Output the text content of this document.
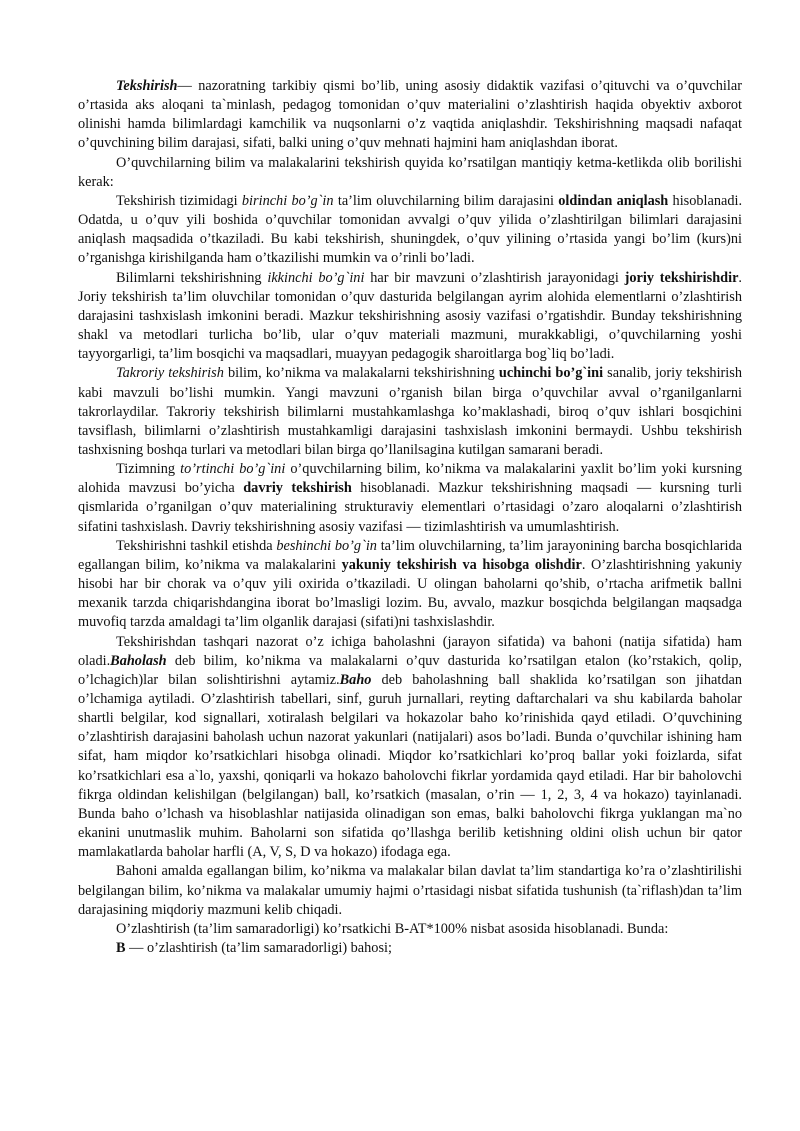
Tekshirish— nazoratning tarkibiy qismi bo’lib, uning asosiy didaktik vazifasi o’qituvchi va o’quvchilar o’rtasida aks aloqani ta`minlash, pedagog tomonidan o’quv materialini o’zlashtirish haqida obyektiv axborot olinishi hamda bilimlardagi kamchilik va nuqsonlarni o’z vaqtida aniqlashdir. Tekshirishning maqsadi nafaqat o’quvchining bilim darajasi, sifati, balki uning o’quv mehnati hajmini ham aniqlashdan iborat.

O’quvchilarning bilim va malakalarini tekshirish quyida ko’rsatilgan mantiqiy ketma-ketlikda olib borilishi kerak:

Tekshirish tizimidagi birinchi bo’g`in ta’lim oluvchilarning bilim darajasini oldindan aniqlash hisoblanadi. Odatda, u o’quv yili boshida o’quvchilar tomonidan avvalgi o’quv yilida o’zlashtirilgan bilimlari darajasini aniqlash maqsadida o’tkaziladi. Bu kabi tekshirish, shuningdek, o’quv yilining o’rtasida yangi bo’lim (kurs)ni o’rganishga kirishilganda ham o’tkazilishi mumkin va o’rinli bo’ladi.

Bilimlarni tekshirishning ikkinchi bo’g`ini har bir mavzuni o’zlashtirish jarayonidagi joriy tekshirishdir. Joriy tekshirish ta’lim oluvchilar tomonidan o’quv dasturida belgilangan ayrim alohida elementlarni o’zlashtirish darajasini tashxislash imkonini beradi. Mazkur tekshirishning asosiy vazifasi o’rgatishdir. Bunday tekshirishning shakl va metodlari turlicha bo’lib, ular o’quv materiali mazmuni, murakkabligi, o’quvchilarning yoshi tayyorgarligi, ta’lim bosqichi va maqsadlari, muayyan pedagogik sharoitlarga bog`liq bo’ladi.

Takroriy tekshirish bilim, ko’nikma va malakalarni tekshirishning uchinchi bo’g`ini sanalib, joriy tekshirish kabi mavzuli bo’lishi mumkin. Yangi mavzuni o’rganish bilan birga o’quvchilar avval o’rganilganlarni takrorlaydilar. Takroriy tekshirish bilimlarni mustahkamlashga ko’maklashadi, biroq o’quv ishlari bosqichini tavsiflash, bilimlarni o’zlashtirish mustahkamligi darajasini tashxislash imkonini bermaydi. Ushbu tekshirish tashxisning boshqa turlari va metodlari bilan birga qo’llanilsagina kutilgan samarani beradi.

Tizimning to’rtinchi bo’g`ini o’quvchilarning bilim, ko’nikma va malakalarini yaxlit bo’lim yoki kursning alohida mavzusi bo’yicha davriy tekshirish hisoblanadi. Mazkur tekshirishning maqsadi — kursning turli qismlarida o’rganilgan o’quv materialining strukturaviy elementlari o’rtasidagi o’zaro aloqalarni o’zlashtirish sifatini tashxislash. Davriy tekshirishning asosiy vazifasi — tizimlashtirish va umumlashtirish.

Tekshirishni tashkil etishda beshinchi bo’g`in ta’lim oluvchilarning, ta’lim jarayonining barcha bosqichlarida egallangan bilim, ko’nikma va malakalarini yakuniy tekshirish va hisobga olishdir. O’zlashtirishning yakuniy hisobi har bir chorak va o’quv yili oxirida o’tkaziladi. U olingan baholarni qo’shib, o’rtacha arifmetik ballni mexanik tarzda chiqarishdangina iborat bo’lmasligi lozim. Bu, avvalo, mazkur bosqichda belgilangan maqsadga muvofiq tarzda amaldagi ta’lim olganlik darajasi (sifati)ni tashxislashdir.

Tekshirishdan tashqari nazorat o’z ichiga baholashni (jarayon sifatida) va bahoni (natija sifatida) ham oladi.Baholash deb bilim, ko’nikma va malakalarni o’quv dasturida ko’rsatilgan etalon (ko’rstakich, qolip, o’lchagich)lar bilan solishtirishni aytamiz.Baho deb baholashning ball shaklida ko’rsatilgan son jihatdan o’lchamiga aytiladi. O’zlashtirish tabellari, sinf, guruh jurnallari, reyting daftarchalari va shu kabilarda baholar shartli belgilar, kod signallari, xotiralash belgilari va hokazolar baho ko’rinishida qayd etiladi. O’quvchining o’zlashtirish darajasini baholash uchun nazorat yakunlari (natijalari) asos bo’ladi. Bunda o’quvchilar ishining ham sifat, ham miqdor ko’rsatkichlari hisobga olinadi. Miqdor ko’rsatkichlari ko’proq ballar yoki foizlarda, sifat ko’rsatkichlari esa a`lo, yaxshi, qoniqarli va hokazo baholovchi fikrlar yordamida qayd etiladi. Har bir baholovchi fikrga oldindan kelishilgan (belgilangan) ball, ko’rsatkich (masalan, o’rin — 1, 2, 3, 4 va hokazo) tayinlanadi. Bunda baho o’lchash va hisoblashlar natijasida olinadigan son emas, balki baholovchi fikrga yuklangan ma`no ekanini unutmaslik muhim. Baholarni son sifatida qo’llashga berilib ketishning oldini olish uchun bir qator mamlakatlarda baholar harfli (A, V, S, D va hokazo) ifodaga ega.

Bahoni amalda egallangan bilim, ko’nikma va malakalar bilan davlat ta’lim standartiga ko’ra o’zlashtirilishi belgilangan bilim, ko’nikma va malakalar umumiy hajmi o’rtasidagi nisbat sifatida tushunish (ta`riflash)dan ta’lim darajasining miqdoriy mazmuni kelib chiqadi.

O’zlashtirish (ta’lim samaradorligi) ko’rsatkichi B-AT*100% nisbat asosida hisoblanadi. Bunda:

B — o’zlashtirish (ta’lim samaradorligi) bahosi;
